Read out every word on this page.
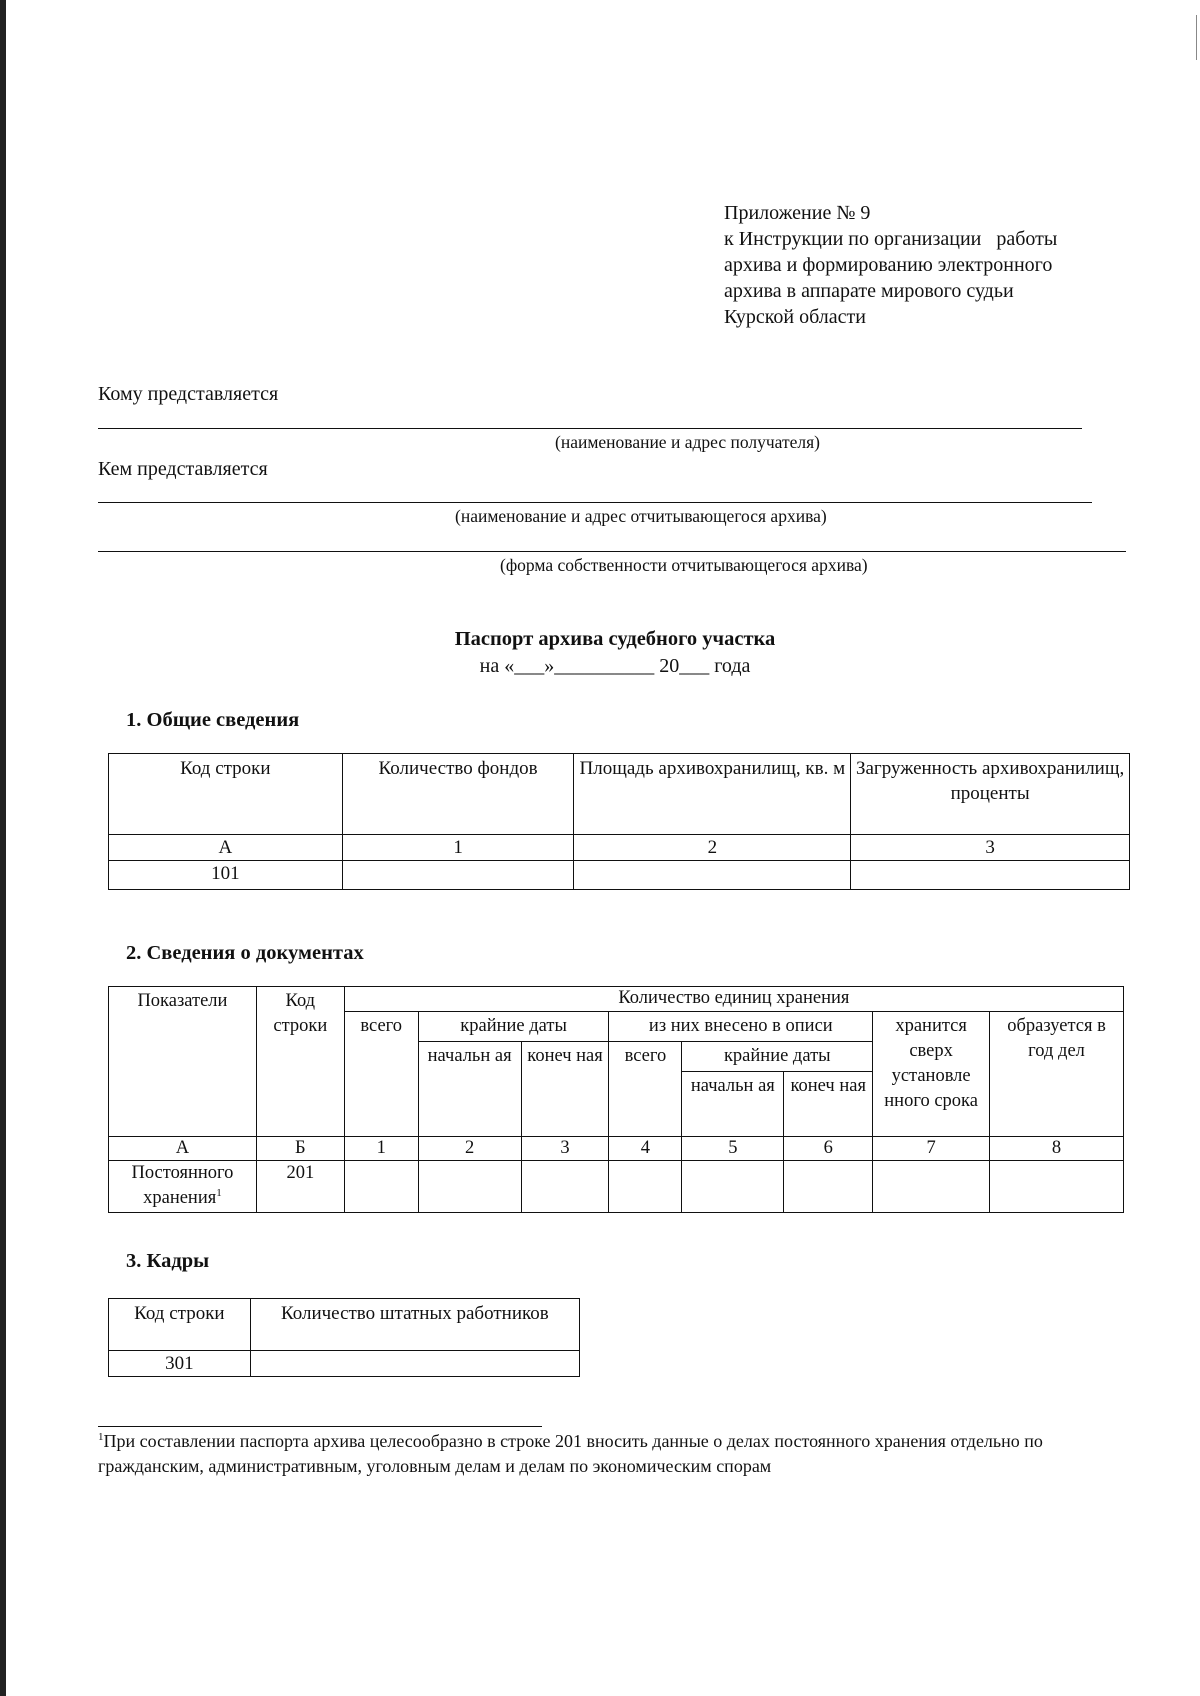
Приложение № 9
к Инструкции по организации   работы
архива и формированию электронного
архива в аппарате мирового судьи
Курской области
Кому представляется
(наименование и адрес получателя)
Кем представляется
(наименование и адрес отчитывающегося архива)
(форма собственности отчитывающегося архива)
Паспорт архива судебного участка
на «___»__________ 20___ года
1. Общие сведения
Код строки	Количество фондов	Площадь архивохранилищ, кв. м	Загруженность архивохранилищ, проценты
А	1	2	3
101			
2. Сведения о документах
Показатели	Код строки	Количество единиц хранения							
		всего	крайние даты		из них внесено в описи			хранится сверх установле нного срока	образуется в год дел
			начальн ая	конеч ная	всего	крайние даты			
						начальн ая	конеч ная		
А	Б	1	2	3	4	5	6	7	8
Постоянного хранения$^1$	201								
3. Кадры
Код строки	Количество штатных работников
301	
$^1$При составлении паспорта архива целесообразно в строке 201 вносить данные о делах постоянного хранения отдельно по гражданским, административным, уголовным делам и делам по экономическим спорам
